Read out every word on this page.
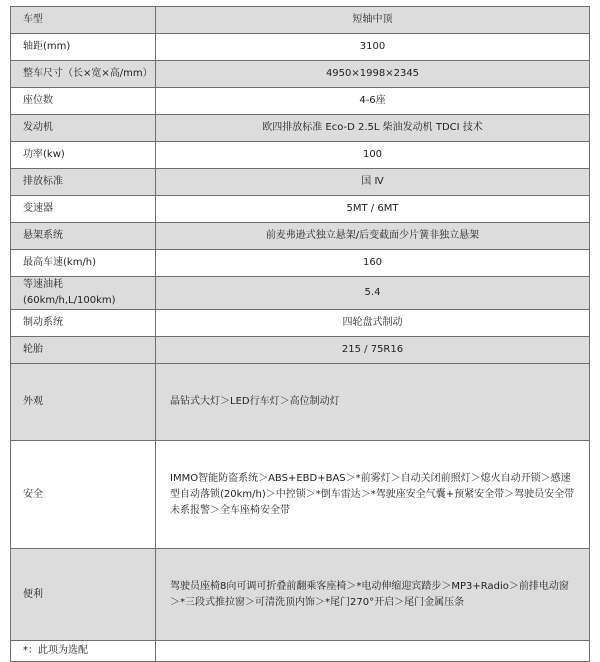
车型	短轴中顶
轴距(mm)	3100
整车尺寸（长×宽×高/mm）	4950×1998×2345
座位数	4-6座
发动机	欧四排放标准 Eco-D 2.5L 柴油发动机 TDCI 技术
功率(kw)	100
排放标准	国 Ⅳ
变速器	5MT / 6MT
悬架系统	前麦弗逊式独立悬架/后变截面少片簧非独立悬架
最高车速(km/h)	160
等速油耗(60km/h,L/100km)	5.4
制动系统	四轮盘式制动
轮胎	215 / 75R16
外观	晶钻式大灯＞LED行车灯＞高位制动灯
安全	IMMO智能防盗系统＞ABS+EBD+BAS＞*前雾灯＞自动关闭前照灯＞熄火自动开锁＞感速型自动落锁(20km/h)＞中控锁＞*倒车雷达＞*驾驶座安全气囊+预紧安全带＞驾驶员安全带未系报警＞全车座椅安全带
便利	驾驶员座椅8向可调可折叠前翻乘客座椅＞*电动伸缩迎宾踏步＞MP3+Radio＞前排电动窗＞*三段式推拉窗＞可清洗顶内饰＞*尾门270°开启＞尾门金属压条
*：此项为选配	
